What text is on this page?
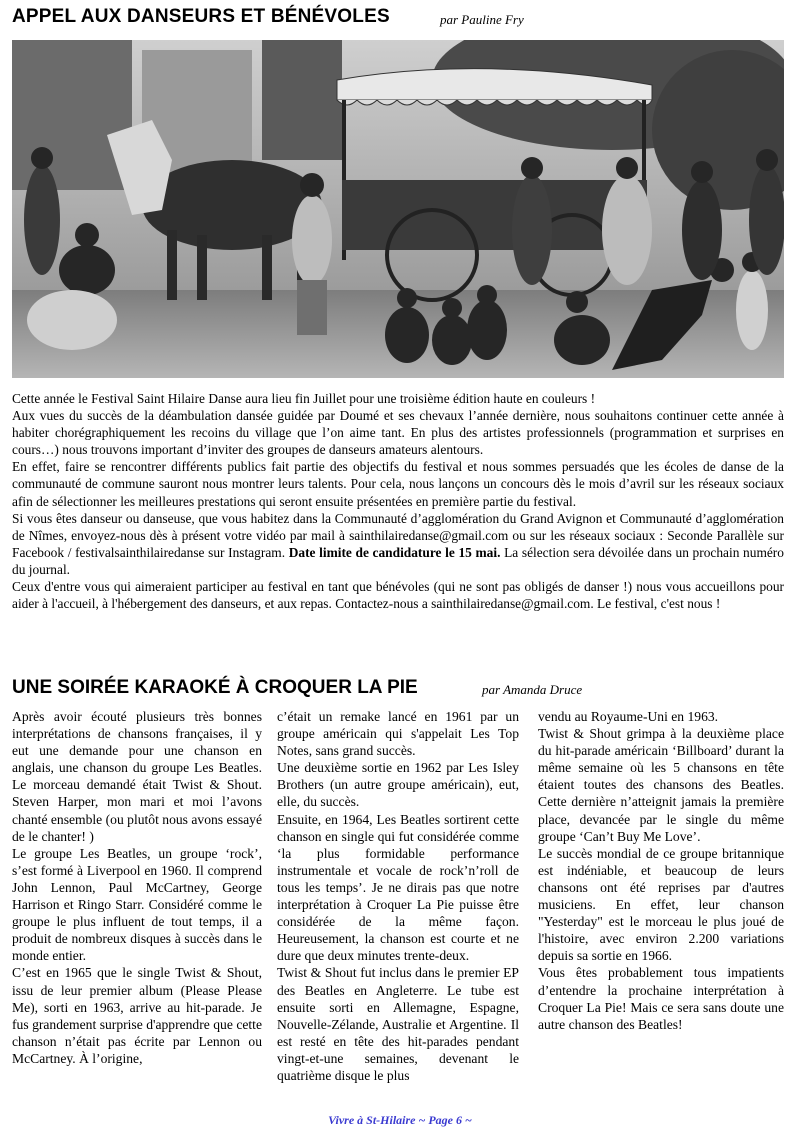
APPEL AUX DANSEURS ET BÉNÉVOLES	par Pauline Fry

Cette année le Festival Saint Hilaire Danse aura lieu fin Juillet pour une troisième édition haute en couleurs !

Aux vues du succès de la déambulation dansée guidée par Doumé et ses chevaux l’année dernière, nous souhaitons continuer cette année à habiter chorégraphiquement les recoins du village que l’on aime tant. En plus des artistes professionnels (programmation et surprises en cours…) nous trouvons important d’inviter des groupes de danseurs amateurs alentours.

En effet, faire se rencontrer différents publics fait partie des objectifs du festival et nous sommes persuadés que les écoles de danse de la communauté de commune sauront nous montrer leurs talents. Pour cela, nous lançons un concours dès le mois d’avril sur les réseaux sociaux afin de sélectionner les meilleures prestations qui seront ensuite présentées en première partie du festival.

Si vous êtes danseur ou danseuse, que vous habitez dans la Communauté d’agglomération du Grand Avignon et Communauté d’agglomération de Nîmes, envoyez-nous dès à présent votre vidéo par mail à sainthilairedanse@gmail.com ou sur les réseaux sociaux : Seconde Parallèle sur Facebook / festivalsainthilairedanse sur Instagram. Date limite de candidature le 15 mai. La sélection sera dévoilée dans un prochain numéro du journal.

Ceux d'entre vous qui aimeraient participer au festival en tant que bénévoles (qui ne sont pas obligés de danser !) nous vous accueillons pour aider à l'accueil, à l'hébergement des danseurs, et aux repas. Contactez-nous a sainthilairedanse@gmail.com. Le festival, c'est nous !

UNE SOIRÉE KARAOKÉ À CROQUER LA PIE	par Amanda Druce

Après avoir écouté plusieurs très bonnes interprétations de chansons françaises, il y eut une demande pour une chanson en anglais, une chanson du groupe Les Beatles. Le morceau demandé était Twist & Shout. Steven Harper, mon mari et moi l’avons chanté ensemble (ou plutôt nous avons essayé de le chanter! )

Le groupe Les Beatles, un groupe ‘rock’, s’est formé à Liverpool en 1960. Il comprend John Lennon, Paul McCartney, George Harrison et Ringo Starr. Considéré comme le groupe le plus influent de tout temps, il a produit de nombreux disques à succès dans le monde entier.

C’est en 1965 que le single Twist & Shout, issu de leur premier album (Please Please Me), sorti en 1963, arrive au hit-parade. Je fus grandement surprise d'apprendre que cette chanson n’était pas écrite par Lennon ou McCartney. À l’origine,

c’était un remake lancé en 1961 par un groupe américain qui s'appelait Les Top Notes, sans grand succès.

Une deuxième sortie en 1962 par Les Isley Brothers (un autre groupe américain), eut, elle, du succès.

Ensuite, en 1964, Les Beatles sortirent cette chanson en single qui fut considérée comme ‘la plus formidable performance instrumentale et vocale de rock’n’roll de tous les temps’. Je ne dirais pas que notre interprétation à Croquer La Pie puisse être considérée de la même façon. Heureusement, la chanson est courte et ne dure que deux minutes trente-deux.

Twist & Shout fut inclus dans le premier EP des Beatles en Angleterre. Le tube est ensuite sorti en Allemagne, Espagne, Nouvelle-Zélande, Australie et Argentine. Il est resté en tête des hit-parades pendant vingt-et-une semaines, devenant le quatrième disque le plus

vendu au Royaume-Uni en 1963.

Twist & Shout grimpa à la deuxième place du hit-parade américain ‘Billboard’ durant la même semaine où les 5 chansons en tête étaient toutes des chansons des Beatles. Cette dernière n’atteignit jamais la première place, devancée par le single du même groupe ‘Can’t Buy Me Love’.

Le succès mondial de ce groupe britannique est indéniable, et beaucoup de leurs chansons ont été reprises par d'autres musiciens. En effet, leur chanson "Yesterday" est le morceau le plus joué de l'histoire, avec environ 2.200 variations depuis sa sortie en 1966.

Vous êtes probablement tous impatients d’entendre la prochaine interprétation à Croquer La Pie! Mais ce sera sans doute une autre chanson des Beatles!

Vivre à St-Hilaire ~ Page 6 ~
